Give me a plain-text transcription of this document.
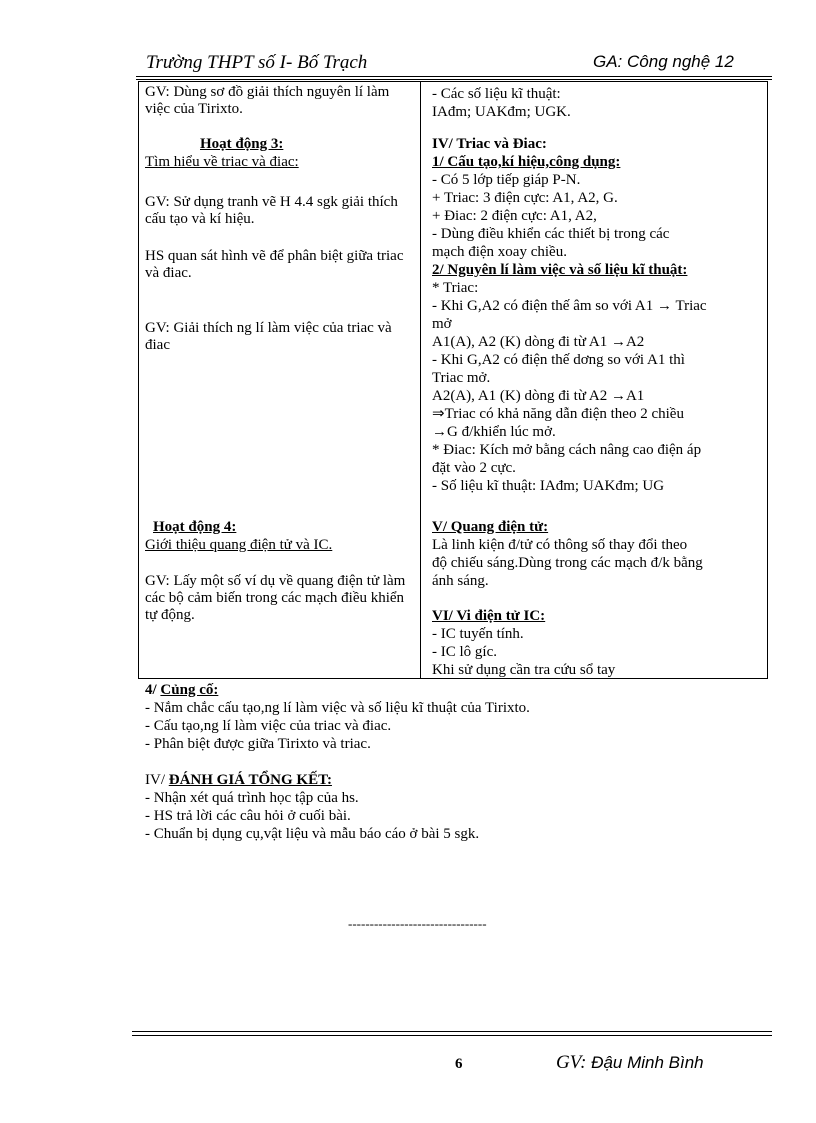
Trường THPT số I- Bố Trạch	GA: Công nghệ 12
GV: Dùng sơ đồ giải thích nguyên lí làm việc của Tirixto.
Hoạt động 3:
Tìm hiểu về triac và điac:
GV: Sử dụng tranh vẽ H 4.4 sgk giải thích cấu tạo và kí hiệu.
HS quan sát hình vẽ để phân biệt giữa triac và điac.
GV: Giải thích ng lí làm việc của triac và điac
Hoạt động 4:
Giới thiệu quang điện tử và IC.
GV: Lấy một số ví dụ về quang điện tử làm các bộ cảm biến trong các mạch điều khiển tự động.
- Các số liệu kĩ thuật:
IAđm; UAKđm; UGK.
IV/ Triac và Điac:
1/ Cấu tạo,kí hiệu,công dụng:
- Có 5 lớp tiếp giáp P-N.
+ Triac: 3 điện cực: A1, A2, G.
+ Điac: 2 điện cực: A1, A2,
- Dùng điều khiển các thiết bị trong các
mạch điện xoay chiều.
2/ Nguyên lí làm việc và số liệu kĩ thuật:
* Triac:
- Khi G,A2 có điện thế âm so với A1 → Triac
mở
A1(A), A2 (K) dòng đi từ A1 →A2
- Khi G,A2 có điện thế dơng so với A1 thì
Triac mở.
A2(A), A1 (K) dòng đi từ A2 →A1
⇒Triac có khả năng dẫn điện theo 2 chiều
→G đ/khiển lúc mở.
* Điac: Kích mở bằng cách nâng cao điện áp
đặt vào 2 cực.
- Số liệu kĩ thuật: IAđm; UAKđm; UG
V/ Quang điện tử:
Là linh kiện đ/tử có thông số thay đổi theo
độ chiếu sáng.Dùng trong các mạch đ/k bằng
ánh sáng.
VI/ Vi điện tử IC:
- IC tuyến tính.
- IC lô gíc.
Khi sử dụng cần tra cứu sổ tay
4/ Củng cố:
- Nắm chắc cấu tạo,ng lí làm việc và số liệu kĩ thuật của Tirixto.
- Cấu tạo,ng lí làm việc của triac và điac.
- Phân biệt được giữa Tirixto và triac.
IV/ ĐÁNH GIÁ TỔNG KẾT:
- Nhận xét quá trình học tập của hs.
- HS trả lời các câu hỏi ở cuối bài.
- Chuẩn bị dụng cụ,vật liệu và mẫu báo cáo ở bài 5 sgk.
--------------------------------
6	GV: Đậu Minh Bình
